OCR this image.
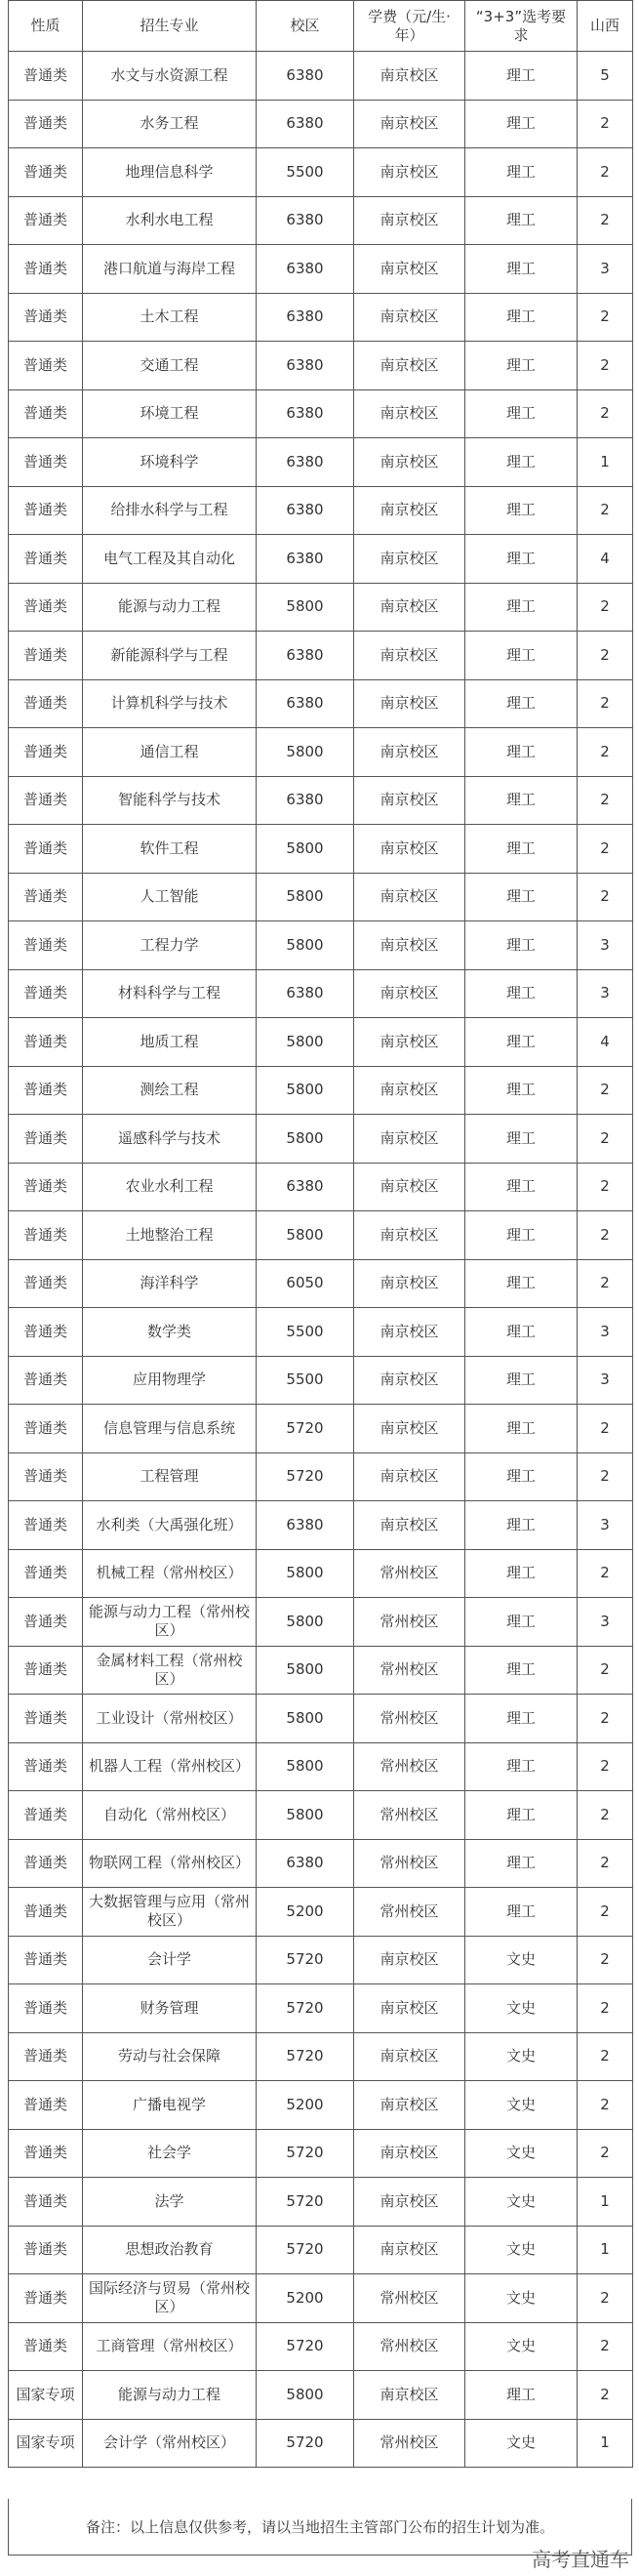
性质	招生专业	校区	学费（元/生·年）	“3+3”选考要求	山西
普通类	水文与水资源工程	6380	南京校区	理工	5
普通类	水务工程	6380	南京校区	理工	2
普通类	地理信息科学	5500	南京校区	理工	2
普通类	水利水电工程	6380	南京校区	理工	2
普通类	港口航道与海岸工程	6380	南京校区	理工	3
普通类	土木工程	6380	南京校区	理工	2
普通类	交通工程	6380	南京校区	理工	2
普通类	环境工程	6380	南京校区	理工	2
普通类	环境科学	6380	南京校区	理工	1
普通类	给排水科学与工程	6380	南京校区	理工	2
普通类	电气工程及其自动化	6380	南京校区	理工	4
普通类	能源与动力工程	5800	南京校区	理工	2
普通类	新能源科学与工程	6380	南京校区	理工	2
普通类	计算机科学与技术	6380	南京校区	理工	2
普通类	通信工程	5800	南京校区	理工	2
普通类	智能科学与技术	6380	南京校区	理工	2
普通类	软件工程	5800	南京校区	理工	2
普通类	人工智能	5800	南京校区	理工	2
普通类	工程力学	5800	南京校区	理工	3
普通类	材料科学与工程	6380	南京校区	理工	3
普通类	地质工程	5800	南京校区	理工	4
普通类	测绘工程	5800	南京校区	理工	2
普通类	遥感科学与技术	5800	南京校区	理工	2
普通类	农业水利工程	6380	南京校区	理工	2
普通类	土地整治工程	5800	南京校区	理工	2
普通类	海洋科学	6050	南京校区	理工	2
普通类	数学类	5500	南京校区	理工	3
普通类	应用物理学	5500	南京校区	理工	3
普通类	信息管理与信息系统	5720	南京校区	理工	2
普通类	工程管理	5720	南京校区	理工	2
普通类	水利类（大禹强化班）	6380	南京校区	理工	3
普通类	机械工程（常州校区）	5800	常州校区	理工	2
普通类	能源与动力工程（常州校区）	5800	常州校区	理工	3
普通类	金属材料工程（常州校区）	5800	常州校区	理工	2
普通类	工业设计（常州校区）	5800	常州校区	理工	2
普通类	机器人工程（常州校区）	5800	常州校区	理工	2
普通类	自动化（常州校区）	5800	常州校区	理工	2
普通类	物联网工程（常州校区）	6380	常州校区	理工	2
普通类	大数据管理与应用（常州校区）	5200	常州校区	理工	2
普通类	会计学	5720	南京校区	文史	2
普通类	财务管理	5720	南京校区	文史	2
普通类	劳动与社会保障	5720	南京校区	文史	2
普通类	广播电视学	5200	南京校区	文史	2
普通类	社会学	5720	南京校区	文史	2
普通类	法学	5720	南京校区	文史	1
普通类	思想政治教育	5720	南京校区	文史	1
普通类	国际经济与贸易（常州校区）	5200	常州校区	文史	2
普通类	工商管理（常州校区）	5720	常州校区	文史	2
国家专项	能源与动力工程	5800	南京校区	理工	2
国家专项	会计学（常州校区）	5720	常州校区	文史	1
备注：以上信息仅供参考，请以当地招生主管部门公布的招生计划为准。
高考直通车
